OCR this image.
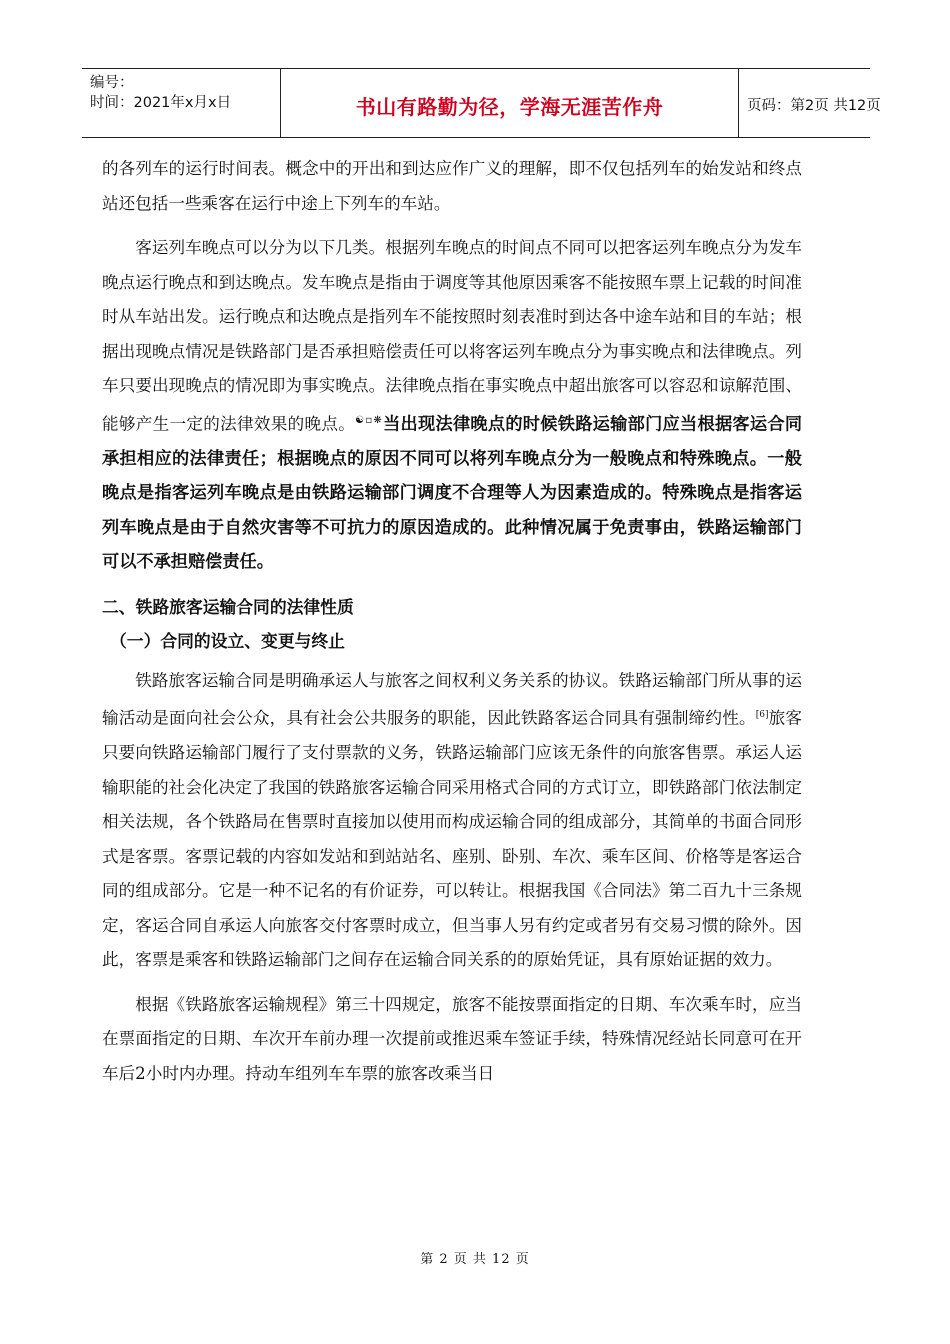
编号：
时间：2021年x月x日	书山有路勤为径，学海无涯苦作舟	页码：第2页 共12页

的各列车的运行时间表。概念中的开出和到达应作广义的理解，即不仅包括列车的始发站和终点站还包括一些乘客在运行中途上下列车的车站。

客运列车晚点可以分为以下几类。根据列车晚点的时间点不同可以把客运列车晚点分为发车晚点运行晚点和到达晚点。发车晚点是指由于调度等其他原因乘客不能按照车票上记载的时间准时从车站出发。运行晚点和达晚点是指列车不能按照时刻表准时到达各中途车站和目的车站；根据出现晚点情况是铁路部门是否承担赔偿责任可以将客运列车晚点分为事实晚点和法律晚点。列车只要出现晚点的情况即为事实晚点。法律晚点指在事实晚点中超出旅客可以容忍和谅解范围、能够产生一定的法律效果的晚点。☯▫❋当出现法律晚点的时候铁路运输部门应当根据客运合同承担相应的法律责任；根据晚点的原因不同可以将列车晚点分为一般晚点和特殊晚点。一般晚点是指客运列车晚点是由铁路运输部门调度不合理等人为因素造成的。特殊晚点是指客运列车晚点是由于自然灾害等不可抗力的原因造成的。此种情况属于免责事由，铁路运输部门可以不承担赔偿责任。

二、铁路旅客运输合同的法律性质

（一）合同的设立、变更与终止

铁路旅客运输合同是明确承运人与旅客之间权利义务关系的协议。铁路运输部门所从事的运输活动是面向社会公众，具有社会公共服务的职能，因此铁路客运合同具有强制缔约性。[6]旅客只要向铁路运输部门履行了支付票款的义务，铁路运输部门应该无条件的向旅客售票。承运人运输职能的社会化决定了我国的铁路旅客运输合同采用格式合同的方式订立，即铁路部门依法制定相关法规，各个铁路局在售票时直接加以使用而构成运输合同的组成部分，其简单的书面合同形式是客票。客票记载的内容如发站和到站站名、座别、卧别、车次、乘车区间、价格等是客运合同的组成部分。它是一种不记名的有价证券，可以转让。根据我国《合同法》第二百九十三条规定，客运合同自承运人向旅客交付客票时成立，但当事人另有约定或者另有交易习惯的除外。因此，客票是乘客和铁路运输部门之间存在运输合同关系的的原始凭证，具有原始证据的效力。

根据《铁路旅客运输规程》第三十四规定，旅客不能按票面指定的日期、车次乘车时，应当在票面指定的日期、车次开车前办理一次提前或推迟乘车签证手续，特殊情况经站长同意可在开车后2小时内办理。持动车组列车车票的旅客改乘当日

第 2 页 共 12 页
